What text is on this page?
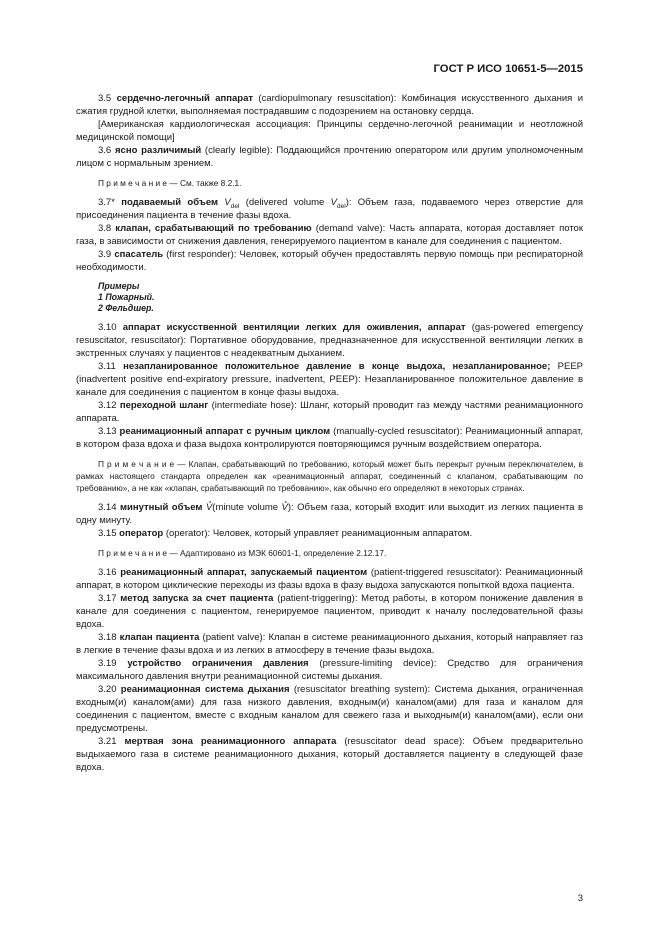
ГОСТ Р ИСО 10651-5—2015

3.5 сердечно-легочный аппарат (cardiopulmonary resuscitation): Комбинация искусственного дыхания и сжатия грудной клетки, выполняемая пострадавшим с подозрением на остановку сердца.

[Американская кардиологическая ассоциация: Принципы сердечно-легочной реанимации и неотложной медицинской помощи]

3.6 ясно различимый (clearly legible): Поддающийся прочтению оператором или другим уполномоченным лицом с нормальным зрением.

П р и м е ч а н и е — См. также 8.2.1.

3.7* подаваемый объем $V_{del}$ (delivered volume $V_{del}$): Объем газа, подаваемого через отверстие для присоединения пациента в течение фазы вдоха.

3.8 клапан, срабатывающий по требованию (demand valve): Часть аппарата, которая доставляет поток газа, в зависимости от снижения давления, генерируемого пациентом в канале для соединения с пациентом.

3.9 спасатель (first responder): Человек, который обучен предоставлять первую помощь при респираторной необходимости.

Примеры

1 Пожарный.

2 Фельдшер.

3.10 аппарат искусственной вентиляции легких для оживления, аппарат (gas-powered emergency resuscitator, resuscitator): Портативное оборудование, предназначенное для искусственной вентиляции легких в экстренных случаях у пациентов с неадекватным дыханием.

3.11 незапланированное положительное давление в конце выдоха, незапланированное; PEEP (inadvertent positive end-expiratory pressure, inadvertent, PEEP): Незапланированное положительное давление в канале для соединения с пациентом в конце фазы выдоха.

3.12 переходной шланг (intermediate hose): Шланг, который проводит газ между частями реанимационного аппарата.

3.13 реанимационный аппарат с ручным циклом (manually-cycled resuscitator): Реанимационный аппарат, в котором фаза вдоха и фаза выдоха контролируются повторяющимся ручным воздействием оператора.

П р и м е ч а н и е — Клапан, срабатывающий по требованию, который может быть перекрыт ручным переключателем, в рамках настоящего стандарта определен как «реанимационный аппарат, соединенный с клапаном, срабатывающим по требованию», а не как «клапан, срабатывающий по требованию», как обычно его определяют в некоторых странах.

3.14 минутный объем V̊(minute volume V̊): Объем газа, который входит или выходит из легких пациента в одну минуту.

3.15 оператор (operator): Человек, который управляет реанимационным аппаратом.

П р и м е ч а н и е — Адаптировано из МЭК 60601-1, определение 2.12.17.

3.16 реанимационный аппарат, запускаемый пациентом (patient-triggered resuscitator): Реанимационный аппарат, в котором циклические переходы из фазы вдоха в фазу выдоха запускаются попыткой вдоха пациента.

3.17 метод запуска за счет пациента (patient-triggering): Метод работы, в котором понижение давления в канале для соединения с пациентом, генерируемое пациентом, приводит к началу последовательной фазы вдоха.

3.18 клапан пациента (patient valve): Клапан в системе реанимационного дыхания, который направляет газ в легкие в течение фазы вдоха и из легких в атмосферу в течение фазы выдоха.

3.19 устройство ограничения давления (pressure-limiting device): Средство для ограничения максимального давления внутри реанимационной системы дыхания.

3.20 реанимационная система дыхания (resuscitator breathing system): Система дыхания, ограниченная входным(и) каналом(ами) для газа низкого давления, входным(и) каналом(ами) для газа и каналом для соединения с пациентом, вместе с входным каналом для свежего газа и выходным(и) каналом(ами), если они предусмотрены.

3.21 мертвая зона реанимационного аппарата (resuscitator dead space): Объем предварительно выдыхаемого газа в системе реанимационного дыхания, который доставляется пациенту в следующей фазе вдоха.

3
